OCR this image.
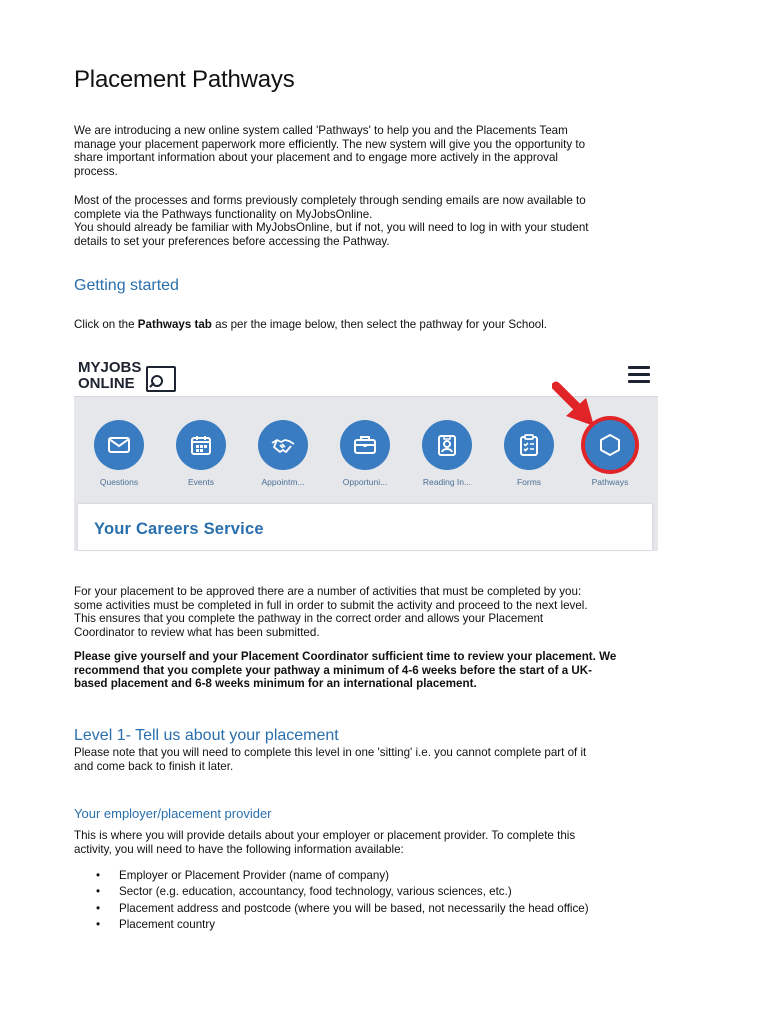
Placement Pathways

We are introducing a new online system called 'Pathways' to help you and the Placements Team
manage your placement paperwork more efficiently. The new system will give you the opportunity to
share important information about your placement and to engage more actively in the approval
process.

Most of the processes and forms previously completely through sending emails are now available to
complete via the Pathways functionality on MyJobsOnline.
You should already be familiar with MyJobsOnline, but if not, you will need to log in with your student
details to set your preferences before accessing the Pathway.

Getting started

Click on the Pathways tab as per the image below, then select the pathway for your School.

For your placement to be approved there are a number of activities that must be completed by you:
some activities must be completed in full in order to submit the activity and proceed to the next level.
This ensures that you complete the pathway in the correct order and allows your Placement
Coordinator to review what has been submitted.

Please give yourself and your Placement Coordinator sufficient time to review your placement. We
recommend that you complete your pathway a minimum of 4-6 weeks before the start of a UK-
based placement and 6-8 weeks minimum for an international placement.

Level 1- Tell us about your placement

Please note that you will need to complete this level in one 'sitting' i.e. you cannot complete part of it
and come back to finish it later.

Your employer/placement provider

This is where you will provide details about your employer or placement provider. To complete this
activity, you will need to have the following information available:

• Employer or Placement Provider (name of company)
• Sector (e.g. education, accountancy, food technology, various sciences, etc.)
• Placement address and postcode (where you will be based, not necessarily the head office)
• Placement country
MYJOBS
ONLINE
Questions	Events	Appointm...	Opportuni...	Reading In...	Forms	Pathways
Your Careers Service
